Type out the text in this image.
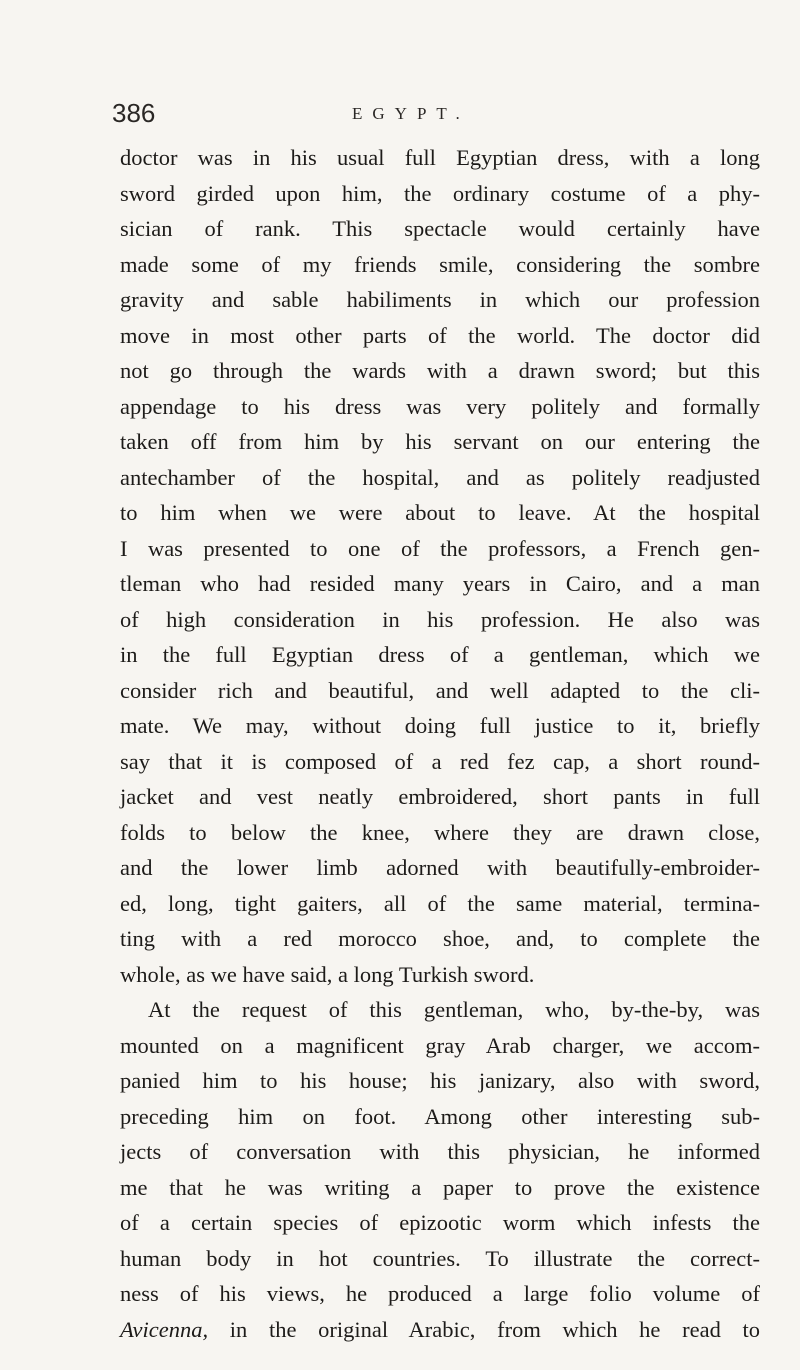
386	EGYPT.
doctor was in his usual full Egyptian dress, with a long
sword girded upon him, the ordinary costume of a phy-
sician of rank. This spectacle would certainly have
made some of my friends smile, considering the sombre
gravity and sable habiliments in which our profession
move in most other parts of the world. The doctor did
not go through the wards with a drawn sword; but this
appendage to his dress was very politely and formally
taken off from him by his servant on our entering the
antechamber of the hospital, and as politely readjusted
to him when we were about to leave. At the hospital
I was presented to one of the professors, a French gen-
tleman who had resided many years in Cairo, and a man
of high consideration in his profession. He also was
in the full Egyptian dress of a gentleman, which we
consider rich and beautiful, and well adapted to the cli-
mate. We may, without doing full justice to it, briefly
say that it is composed of a red fez cap, a short round-
jacket and vest neatly embroidered, short pants in full
folds to below the knee, where they are drawn close,
and the lower limb adorned with beautifully-embroider-
ed, long, tight gaiters, all of the same material, termina-
ting with a red morocco shoe, and, to complete the
whole, as we have said, a long Turkish sword.
At the request of this gentleman, who, by-the-by, was
mounted on a magnificent gray Arab charger, we accom-
panied him to his house; his janizary, also with sword,
preceding him on foot. Among other interesting sub-
jects of conversation with this physician, he informed
me that he was writing a paper to prove the existence
of a certain species of epizootic worm which infests the
human body in hot countries. To illustrate the correct-
ness of his views, he produced a large folio volume of
Avicenna, in the original Arabic, from which he read to
